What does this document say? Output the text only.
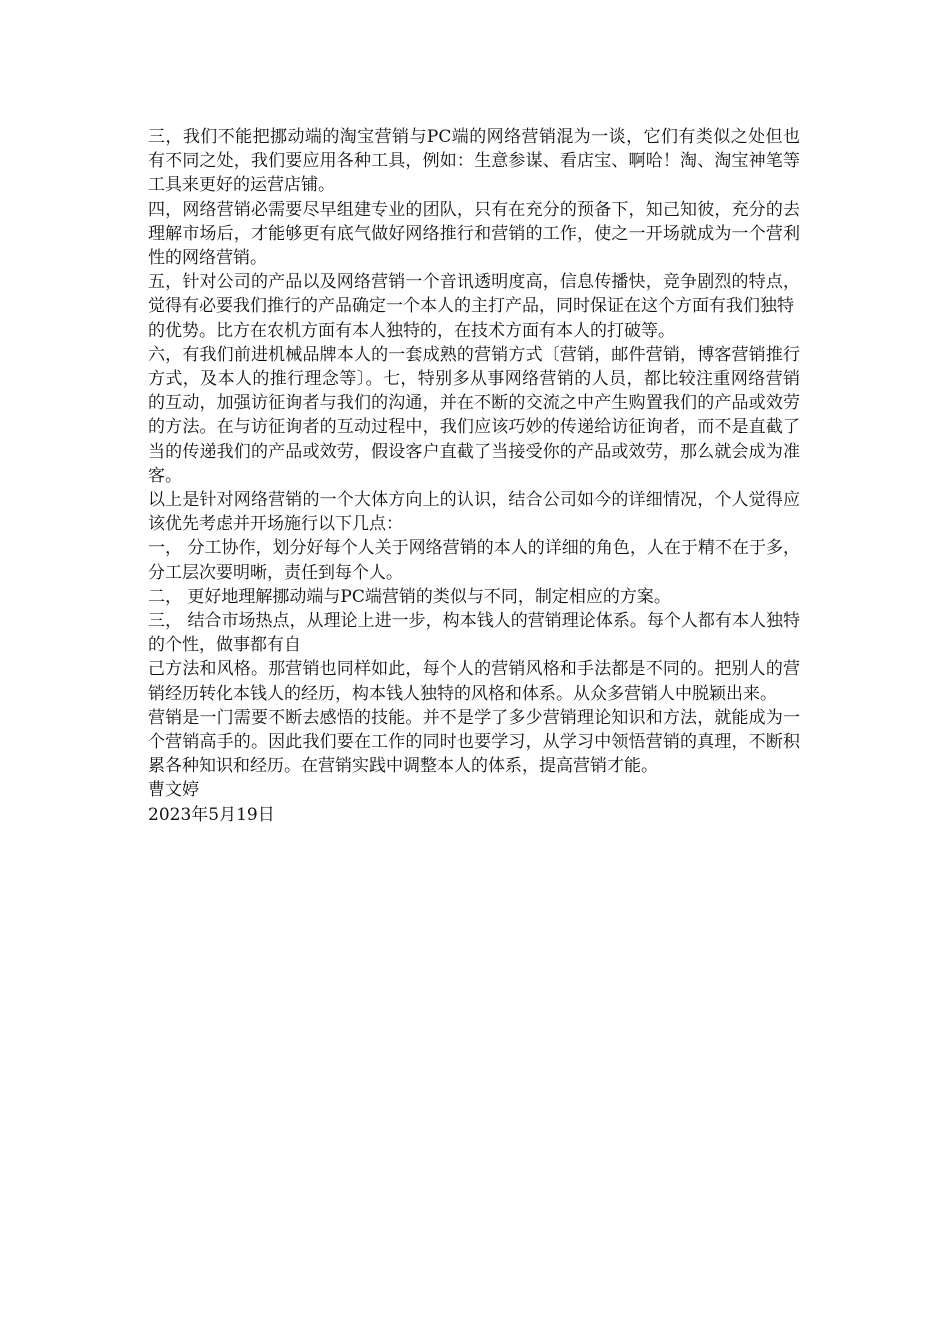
三，我们不能把挪动端的淘宝营销与PC端的网络营销混为一谈，它们有类似之处但也有不同之处，我们要应用各种工具，例如：生意参谋、看店宝、啊哈！淘、淘宝神笔等工具来更好的运营店铺。

四，网络营销必需要尽早组建专业的团队，只有在充分的预备下，知己知彼，充分的去理解市场后，才能够更有底气做好网络推行和营销的工作，使之一开场就成为一个营利性的网络营销。

五，针对公司的产品以及网络营销一个音讯透明度高，信息传播快，竞争剧烈的特点，觉得有必要我们推行的产品确定一个本人的主打产品，同时保证在这个方面有我们独特

的优势。比方在农机方面有本人独特的，在技术方面有本人的打破等。

六，有我们前进机械品牌本人的一套成熟的营销方式〔营销，邮件营销，博客营销推行方式，及本人的推行理念等〕。七，特别多从事网络营销的人员，都比较注重网络营销的互动，加强访征询者与我们的沟通，并在不断的交流之中产生购置我们的产品或效劳的方法。在与访征询者的互动过程中，我们应该巧妙的传递给访征询者，而不是直截了当的传递我们的产品或效劳，假设客户直截了当接受你的产品或效劳，那么就会成为准客。

以上是针对网络营销的一个大体方向上的认识，结合公司如今的详细情况，个人觉得应该优先考虑并开场施行以下几点：

一， 分工协作，划分好每个人关于网络营销的本人的详细的角色，人在于精不在于多，分工层次要明晰，责任到每个人。

二， 更好地理解挪动端与PC端营销的类似与不同，制定相应的方案。

三， 结合市场热点，从理论上进一步，构本钱人的营销理论体系。每个人都有本人独特的个性，做事都有自

己方法和风格。那营销也同样如此，每个人的营销风格和手法都是不同的。把别人的营销经历转化本钱人的经历，构本钱人独特的风格和体系。从众多营销人中脱颖出来。

营销是一门需要不断去感悟的技能。并不是学了多少营销理论知识和方法，就能成为一个营销高手的。因此我们要在工作的同时也要学习，从学习中领悟营销的真理，不断积累各种知识和经历。在营销实践中调整本人的体系，提高营销才能。

曹文婷

2023年5月19日
